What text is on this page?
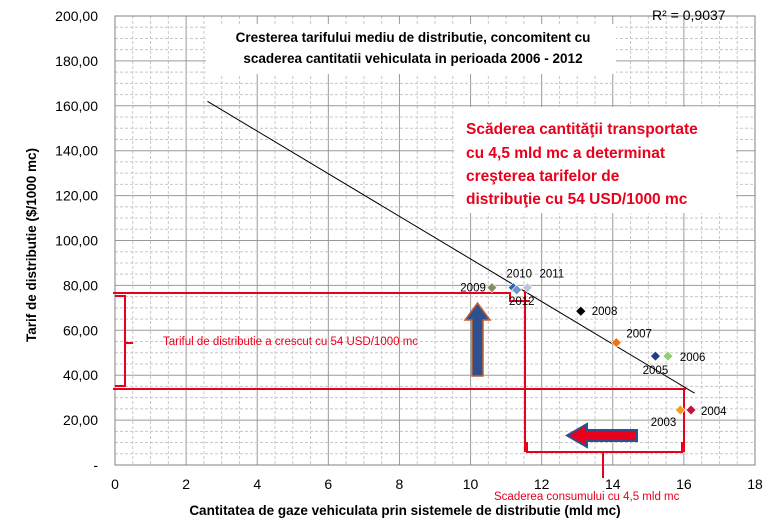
0	2	4	6	8	10	12	14	16	18
-
20,00
40,00
60,00
80,00
100,00
120,00
140,00
160,00
180,00
200,00
Cantitatea de gaze vehiculata prin sistemele de distributie (mld mc)
Tarif de distributie ($/1000 mc)
Cresterea tarifului mediu de distributie, concomitent cu
scaderea cantitatii vehiculata in perioada 2006 - 2012
R² = 0,9037
Scăderea cantităţii transportate
cu 4,5 mld mc a determinat
creşterea tarifelor de
distribuţie cu 54 USD/1000 mc
Tariful de distributie a crescut cu 54 USD/1000 mc
Scaderea consumului cu 4,5 mld mc
2004
2003
2005
2006
2007
2008
2009
2010 2011
2012
